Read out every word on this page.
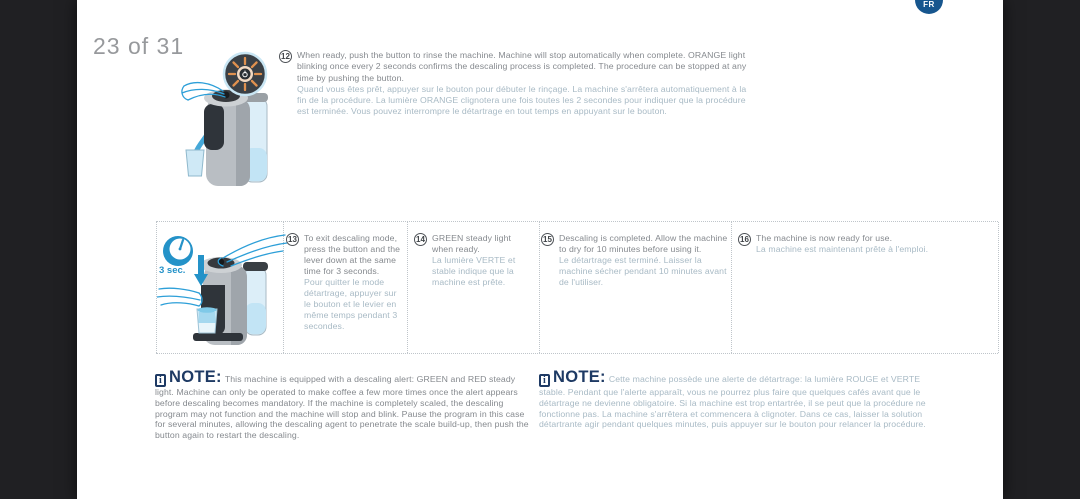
23 of 31
FR
12 When ready, push the button to rinse the machine. Machine will stop automatically when complete. ORANGE light blinking once every 2 seconds confirms the descaling process is completed. The procedure can be stopped at any time by pushing the button.
Quand vous êtes prêt, appuyer sur le bouton pour débuter le rinçage. La machine s'arrêtera automatiquement à la fin de la procédure. La lumière ORANGE clignotera une fois toutes les 2 secondes pour indiquer que la procédure est terminée. Vous pouvez interrompre le détartrage en tout temps en appuyant sur le bouton.
3 sec.
13 To exit descaling mode, press the button and the lever down at the same time for 3 seconds.
Pour quitter le mode détartrage, appuyer sur le bouton et le levier en même temps pendant 3 secondes.
14 GREEN steady light when ready.
La lumière VERTE et stable indique que la machine est prête.
15 Descaling is completed. Allow the machine to dry for 10 minutes before using it.
Le détartrage est terminé. Laisser la machine sécher pendant 10 minutes avant de l'utiliser.
16 The machine is now ready for use.
La machine est maintenant prête à l'emploi.

i NOTE: This machine is equipped with a descaling alert: GREEN and RED steady light. Machine can only be operated to make coffee a few more times once the alert appears before descaling becomes mandatory. If the machine is completely scaled, the descaling program may not function and the machine will stop and blink. Pause the program in this case for several minutes, allowing the descaling agent to penetrate the scale build-up, then push the button again to restart the descaling.

i NOTE: Cette machine possède une alerte de détartrage: la lumière ROUGE et VERTE stable. Pendant que l'alerte apparaît, vous ne pourrez plus faire que quelques cafés avant que le détartrage ne devienne obligatoire. Si la machine est trop entartrée, il se peut que la procédure ne fonctionne pas. La machine s'arrêtera et commencera à clignoter. Dans ce cas, laisser la solution détartrante agir pendant quelques minutes, puis appuyer sur le bouton pour relancer la procédure.
